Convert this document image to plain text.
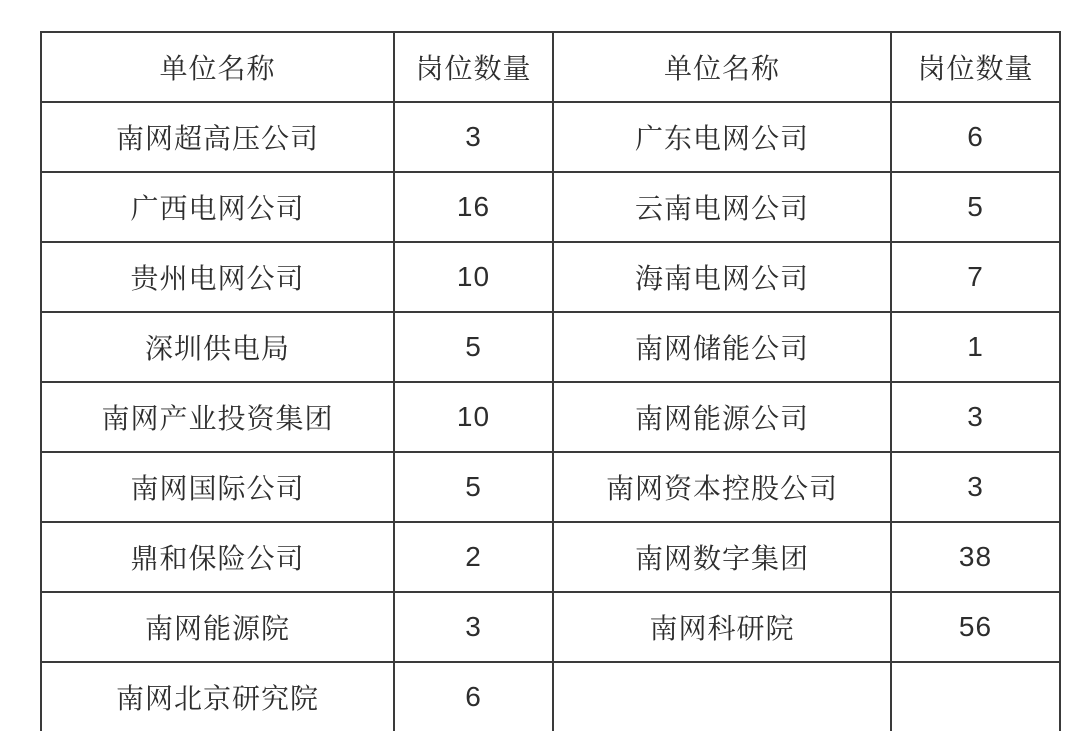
单位名称	岗位数量	单位名称	岗位数量
南网超高压公司	3	广东电网公司	6
广西电网公司	16	云南电网公司	5
贵州电网公司	10	海南电网公司	7
深圳供电局	5	南网储能公司	1
南网产业投资集团	10	南网能源公司	3
南网国际公司	5	南网资本控股公司	3
鼎和保险公司	2	南网数字集团	38
南网能源院	3	南网科研院	56
南网北京研究院	6		
